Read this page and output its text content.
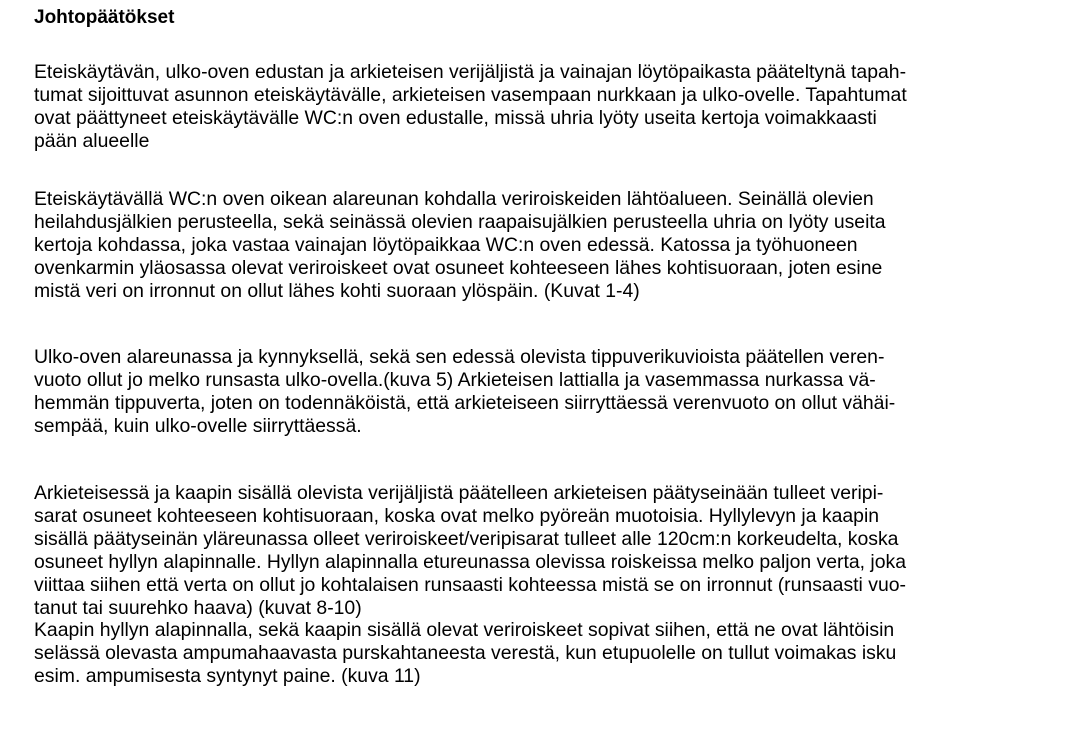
Johtopäätökset
Eteiskäytävän, ulko-oven edustan ja arkieteisen verijäljistä ja vainajan löytöpaikasta pääteltynä tapah-
tumat sijoittuvat asunnon eteiskäytävälle, arkieteisen vasempaan nurkkaan ja ulko-ovelle. Tapahtumat
ovat päättyneet eteiskäytävälle WC:n oven edustalle, missä uhria lyöty useita kertoja voimakkaasti
pään alueelle
Eteiskäytävällä WC:n oven oikean alareunan kohdalla veriroiskeiden lähtöalueen. Seinällä olevien
heilahdusjälkien perusteella, sekä seinässä olevien raapaisujälkien perusteella uhria on lyöty useita
kertoja kohdassa, joka vastaa vainajan löytöpaikkaa WC:n oven edessä. Katossa ja työhuoneen
ovenkarmin yläosassa olevat veriroiskeet ovat osuneet kohteeseen lähes kohtisuoraan, joten esine
mistä veri on irronnut on ollut lähes kohti suoraan ylöspäin. (Kuvat 1-4)
Ulko-oven alareunassa ja kynnyksellä, sekä sen edessä olevista tippuverikuvioista päätellen veren-
vuoto ollut jo melko runsasta ulko-ovella.(kuva 5) Arkieteisen lattialla ja vasemmassa nurkassa vä-
hemmän tippuverta, joten on todennäköistä, että arkieteiseen siirryttäessä verenvuoto on ollut vähäi-
sempää, kuin ulko-ovelle siirryttäessä.
Arkieteisessä ja kaapin sisällä olevista verijäljistä päätelleen arkieteisen päätyseinään tulleet veripi-
sarat osuneet kohteeseen kohtisuoraan, koska ovat melko pyöreän muotoisia. Hyllylevyn ja kaapin
sisällä päätyseinän yläreunassa olleet veriroiskeet/veripisarat tulleet alle 120cm:n korkeudelta, koska
osuneet hyllyn alapinnalle. Hyllyn alapinnalla etureunassa olevissa roiskeissa melko paljon verta, joka
viittaa siihen että verta on ollut jo kohtalaisen runsaasti kohteessa mistä se on irronnut (runsaasti vuo-
tanut tai suurehko haava) (kuvat 8-10)
Kaapin hyllyn alapinnalla, sekä kaapin sisällä olevat veriroiskeet sopivat siihen, että ne ovat lähtöisin
selässä olevasta ampumahaavasta purskahtaneesta verestä, kun etupuolelle on tullut voimakas isku
esim. ampumisesta syntynyt paine. (kuva 11)
